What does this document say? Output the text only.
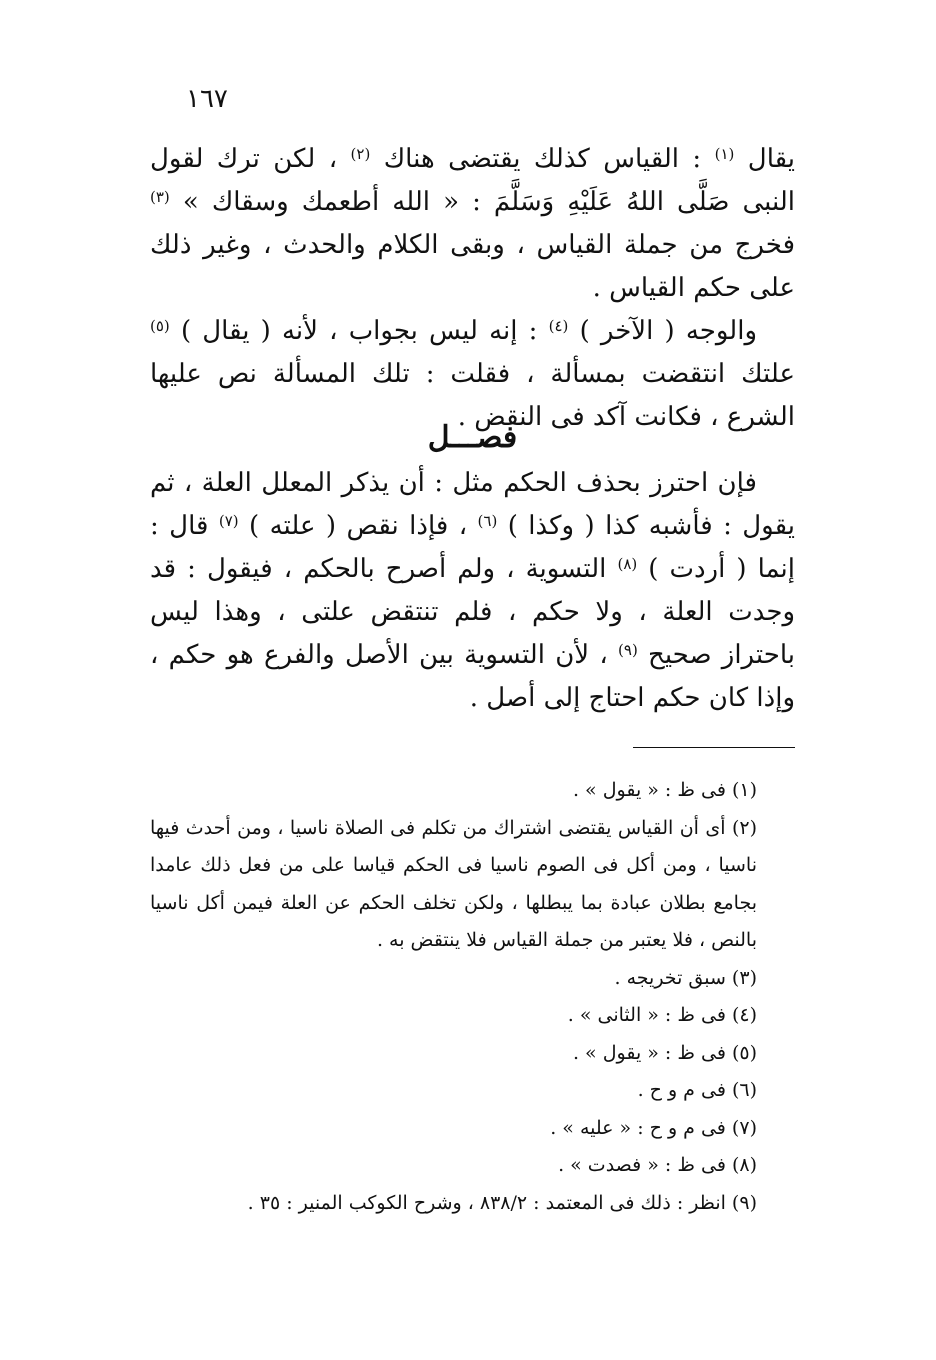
١٦٧

يقال $^{(١)}$ : القياس كذلك يقتضى هناك $^{(٢)}$ ، لكن ترك لقول النبى صَلَّى اللهُ عَلَيْهِ وَسَلَّمَ : « الله أطعمك وسقاك » $^{(٣)}$ فخرج من جملة القياس ، وبقى الكلام والحدث ، وغير ذلك على حكم القياس .

والوجه ( الآخر ) $^{(٤)}$ : إنه ليس بجواب ، لأنه ( يقال ) $^{(٥)}$ علتك انتقضت بمسألة ، فقلت : تلك المسألة نص عليها الشرع ، فكانت آكد فى النقض .

فصـــل

فإن احترز بحذف الحكم مثل : أن يذكر المعلل العلة ، ثم يقول : فأشبه كذا ( وكذا ) $^{(٦)}$ ، فإذا نقص ( علته ) $^{(٧)}$ قال : إنما ( أردت ) $^{(٨)}$ التسوية ، ولم أصرح بالحكم ، فيقول : قد وجدت العلة ، ولا حكم ، فلم تنتقض علتى ، وهذا ليس باحتراز صحيح $^{(٩)}$ ، لأن التسوية بين الأصل والفرع هو حكم ، وإذا كان حكم احتاج إلى أصل .

(١) فى ظ : « يقول » .

(٢) أى أن القياس يقتضى اشتراك من تكلم فى الصلاة ناسيا ، ومن أحدث فيها ناسيا ، ومن أكل فى الصوم ناسيا فى الحكم قياسا على من فعل ذلك عامدا بجامع بطلان عبادة بما يبطلها ، ولكن تخلف الحكم عن العلة فيمن أكل ناسيا بالنص ، فلا يعتبر من جملة القياس فلا ينتقض به .

(٣) سبق تخريجه .

(٤) فى ظ : « الثانى » .

(٥) فى ظ : « يقول » .

(٦) فى م و ح .

(٧) فى م و ح : « عليه » .

(٨) فى ظ : « فصدت » .

(٩) انظر : ذلك فى المعتمد : ٨٣٨/٢ ، وشرح الكوكب المنير : ٣٥ .
